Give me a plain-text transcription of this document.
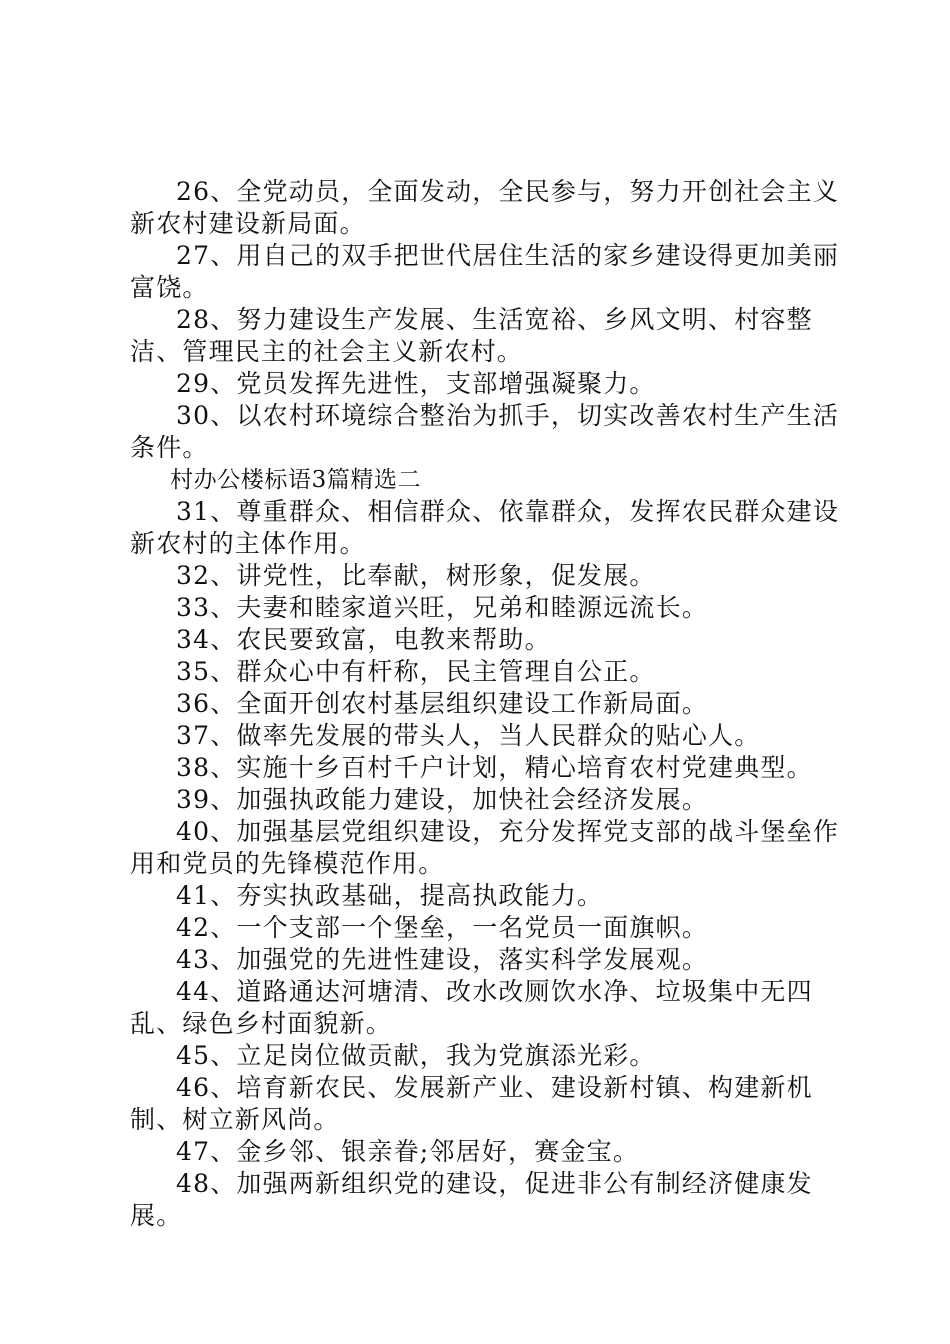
26、全党动员，全面发动，全民参与，努力开创社会主义新农村建设新局面。

27、用自己的双手把世代居住生活的家乡建设得更加美丽富饶。

28、努力建设生产发展、生活宽裕、乡风文明、村容整洁、管理民主的社会主义新农村。

29、党员发挥先进性，支部增强凝聚力。

30、以农村环境综合整治为抓手，切实改善农村生产生活条件。

村办公楼标语3篇精选二

31、尊重群众、相信群众、依靠群众，发挥农民群众建设新农村的主体作用。

32、讲党性，比奉献，树形象，促发展。

33、夫妻和睦家道兴旺，兄弟和睦源远流长。

34、农民要致富，电教来帮助。

35、群众心中有杆称，民主管理自公正。

36、全面开创农村基层组织建设工作新局面。

37、做率先发展的带头人，当人民群众的贴心人。

38、实施十乡百村千户计划，精心培育农村党建典型。

39、加强执政能力建设，加快社会经济发展。

40、加强基层党组织建设，充分发挥党支部的战斗堡垒作用和党员的先锋模范作用。

41、夯实执政基础，提高执政能力。

42、一个支部一个堡垒，一名党员一面旗帜。

43、加强党的先进性建设，落实科学发展观。

44、道路通达河塘清、改水改厕饮水净、垃圾集中无四乱、绿色乡村面貌新。

45、立足岗位做贡献，我为党旗添光彩。

46、培育新农民、发展新产业、建设新村镇、构建新机制、树立新风尚。

47、金乡邻、银亲眷;邻居好，赛金宝。

48、加强两新组织党的建设，促进非公有制经济健康发展。
